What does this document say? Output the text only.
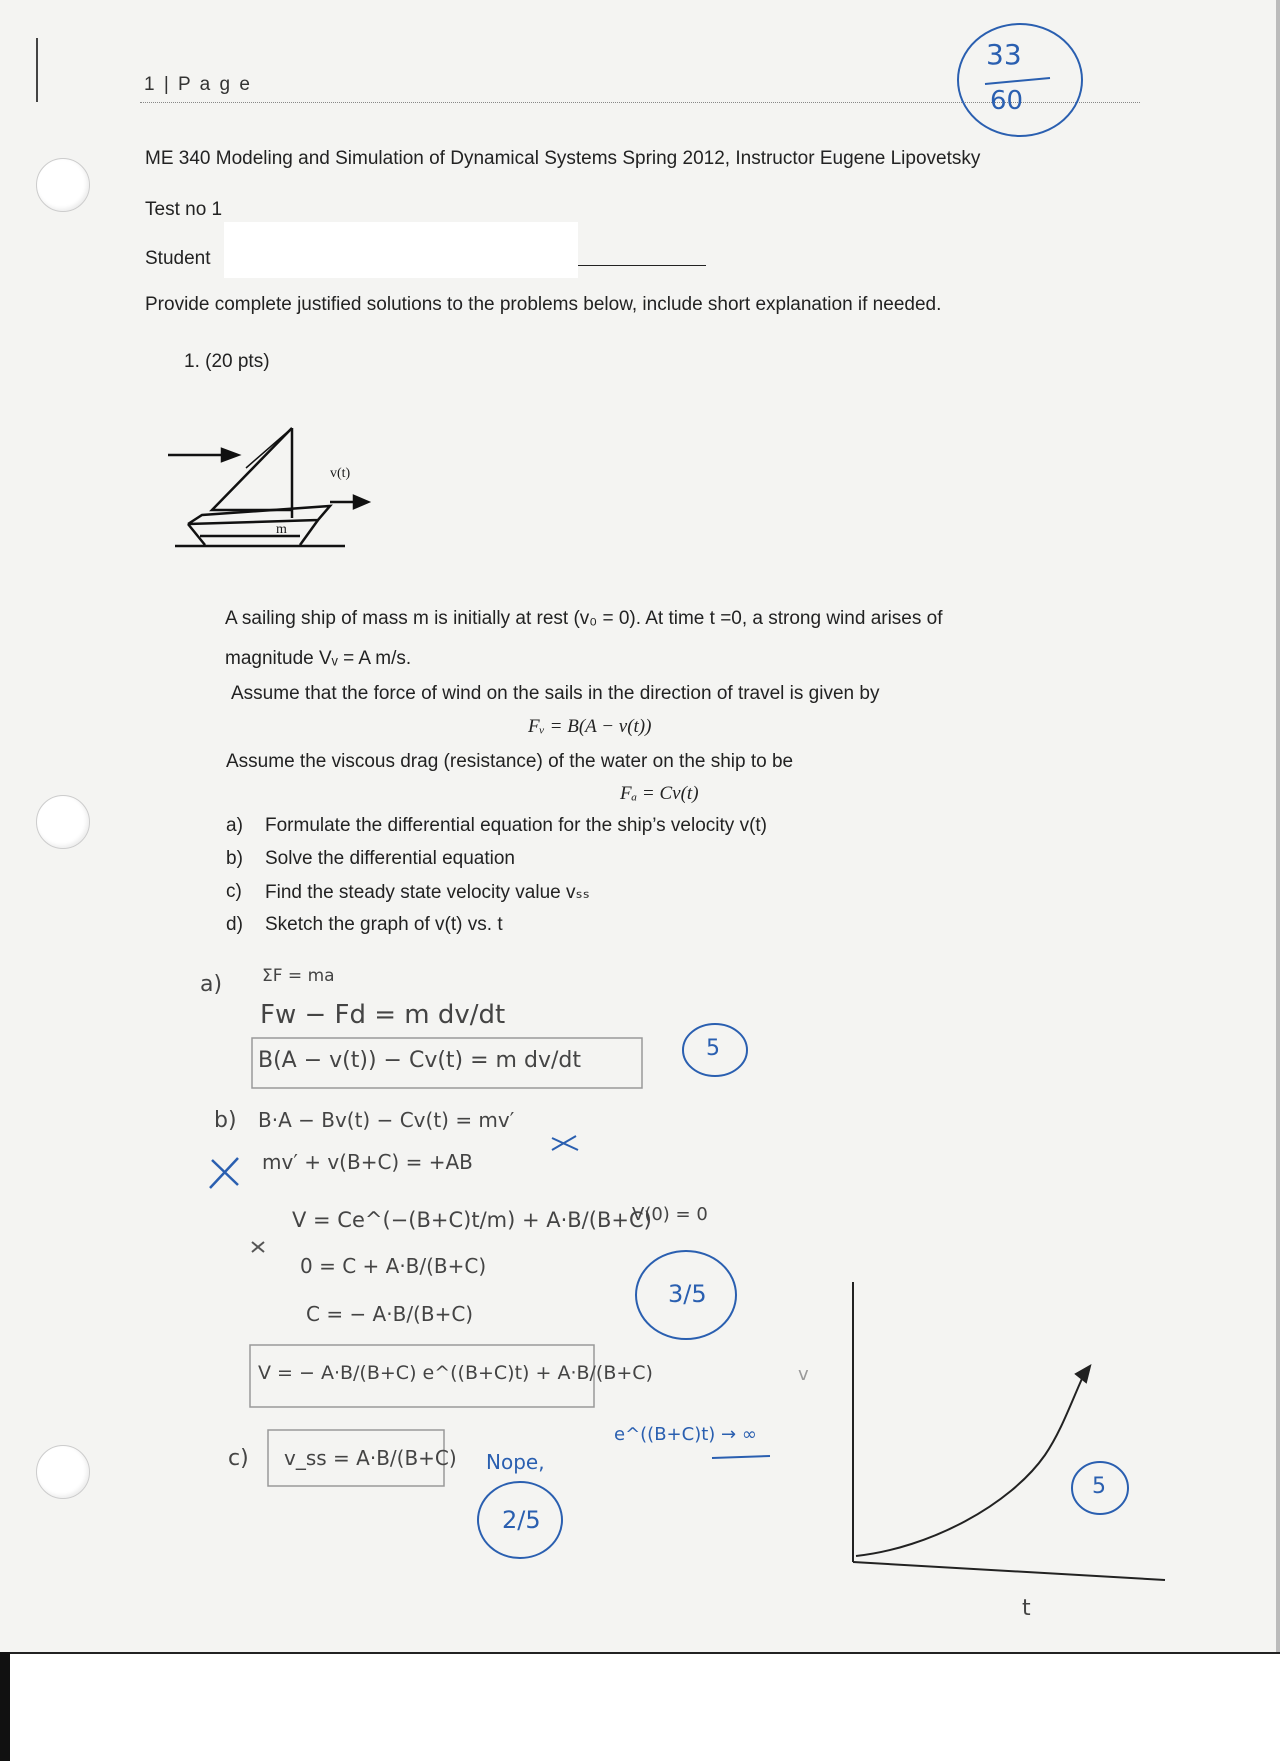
1 | P a g e
33
60
ME 340 Modeling and Simulation of Dynamical Systems Spring 2012, Instructor Eugene Lipovetsky
Test no 1
Student
Provide complete justified solutions to the problems below, include short explanation if needed.
1. (20 pts)
v(t)
m
A sailing ship of mass m is initially at rest (v₀ = 0). At time t =0, a strong wind arises of
magnitude Vᵥ = A m/s.
Assume that the force of wind on the sails in the direction of travel is given by
Fᵥ = B(A − v(t))
Assume the viscous drag (resistance) of the water on the ship to be
Fₐ = Cv(t)
a) Formulate the differential equation for the ship’s velocity v(t)
b) Solve the differential equation
c) Find the steady state velocity value vₛₛ
d) Sketch the graph of v(t) vs. t
a) ΣF = ma
Fw − Fd = m dv/dt
B(A − v(t)) − Cv(t) = m dv/dt	5
b) B·A − Bv(t) − Cv(t) = mv′
mv′ + v(B+C) = +AB
V = Ce^(−(B+C)t/m) + A·B/(B+C)
V(0) = 0
0 = C + A·B/(B+C)
C = − A·B/(B+C)
V = − A·B/(B+C) e^((B+C)t) + A·B/(B+C)
3/5
c) v_ss = A·B/(B+C) Nope,
e^((B+C)t) → ∞
2/5
v
t
5
